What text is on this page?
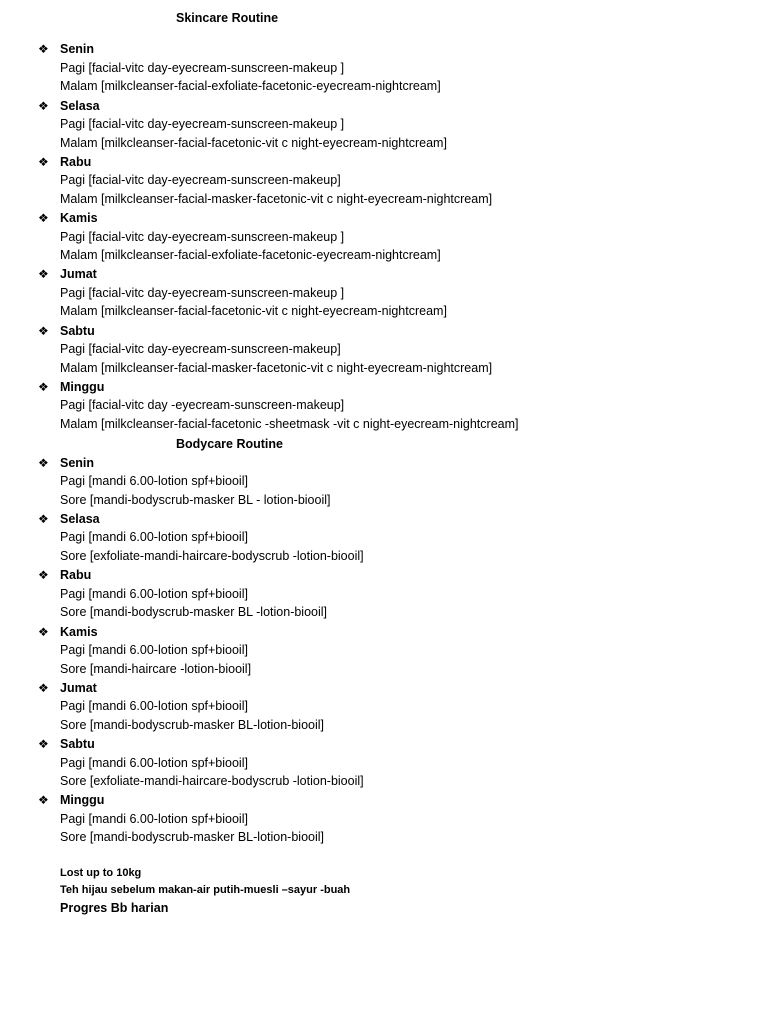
Skincare Routine
❖ Senin
Pagi [facial-vitc day-eyecream-sunscreen-makeup ]
Malam [milkcleanser-facial-exfoliate-facetonic-eyecream-nightcream]
❖ Selasa
Pagi [facial-vitc day-eyecream-sunscreen-makeup ]
Malam [milkcleanser-facial-facetonic-vit c night-eyecream-nightcream]
❖ Rabu
Pagi [facial-vitc day-eyecream-sunscreen-makeup]
Malam [milkcleanser-facial-masker-facetonic-vit c night-eyecream-nightcream]
❖ Kamis
Pagi [facial-vitc day-eyecream-sunscreen-makeup ]
Malam [milkcleanser-facial-exfoliate-facetonic-eyecream-nightcream]
❖ Jumat
Pagi [facial-vitc day-eyecream-sunscreen-makeup ]
Malam [milkcleanser-facial-facetonic-vit c night-eyecream-nightcream]
❖ Sabtu
Pagi [facial-vitc day-eyecream-sunscreen-makeup]
Malam [milkcleanser-facial-masker-facetonic-vit c night-eyecream-nightcream]
❖ Minggu
Pagi [facial-vitc day -eyecream-sunscreen-makeup]
Malam [milkcleanser-facial-facetonic -sheetmask -vit c night-eyecream-nightcream]
Bodycare Routine
❖ Senin
Pagi [mandi 6.00-lotion spf+biooil]
Sore [mandi-bodyscrub-masker BL - lotion-biooil]
❖ Selasa
Pagi [mandi 6.00-lotion spf+biooil]
Sore [exfoliate-mandi-haircare-bodyscrub -lotion-biooil]
❖ Rabu
Pagi [mandi 6.00-lotion spf+biooil]
Sore [mandi-bodyscrub-masker BL -lotion-biooil]
❖ Kamis
Pagi [mandi 6.00-lotion spf+biooil]
Sore [mandi-haircare -lotion-biooil]
❖ Jumat
Pagi [mandi 6.00-lotion spf+biooil]
Sore [mandi-bodyscrub-masker BL-lotion-biooil]
❖ Sabtu
Pagi [mandi 6.00-lotion spf+biooil]
Sore [exfoliate-mandi-haircare-bodyscrub -lotion-biooil]
❖ Minggu
Pagi [mandi 6.00-lotion spf+biooil]
Sore [mandi-bodyscrub-masker BL-lotion-biooil]
Lost up to 10kg
Teh hijau sebelum makan-air putih-muesli –sayur -buah
Progres Bb harian
